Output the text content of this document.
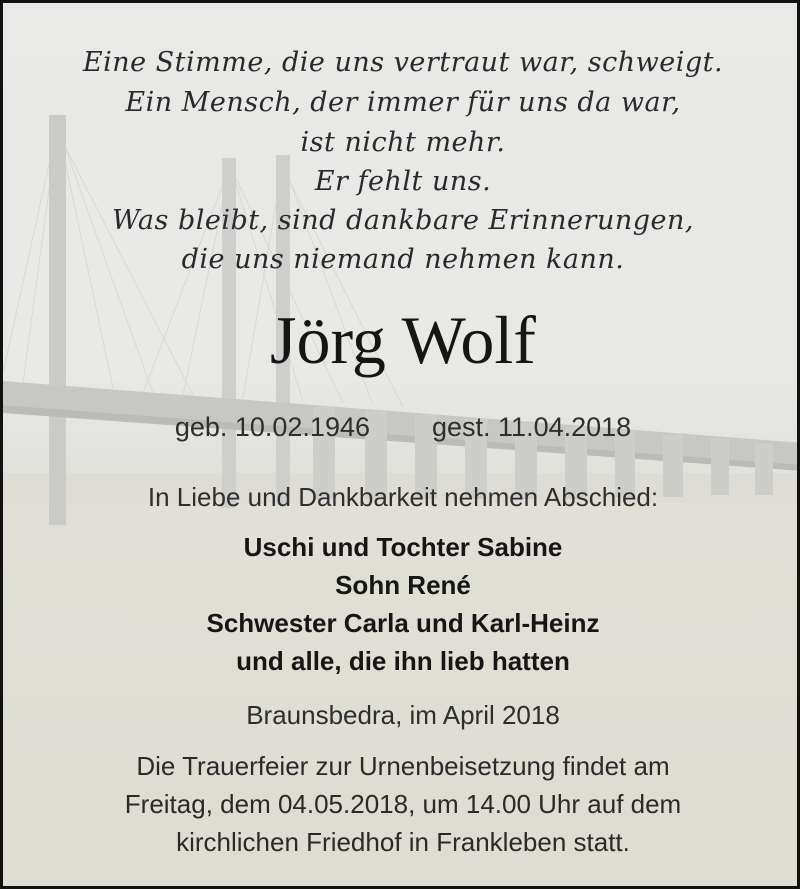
Eine Stimme, die uns vertraut war, schweigt.
Ein Mensch, der immer für uns da war,
ist nicht mehr.
Er fehlt uns.
Was bleibt, sind dankbare Erinnerungen,
die uns niemand nehmen kann.
Jörg Wolf
geb. 10.02.1946 gest. 11.04.2018
In Liebe und Dankbarkeit nehmen Abschied:
Uschi und Tochter Sabine
Sohn René
Schwester Carla und Karl-Heinz
und alle, die ihn lieb hatten
Braunsbedra, im April 2018
Die Trauerfeier zur Urnenbeisetzung findet am
Freitag, dem 04.05.2018, um 14.00 Uhr auf dem
kirchlichen Friedhof in Frankleben statt.
